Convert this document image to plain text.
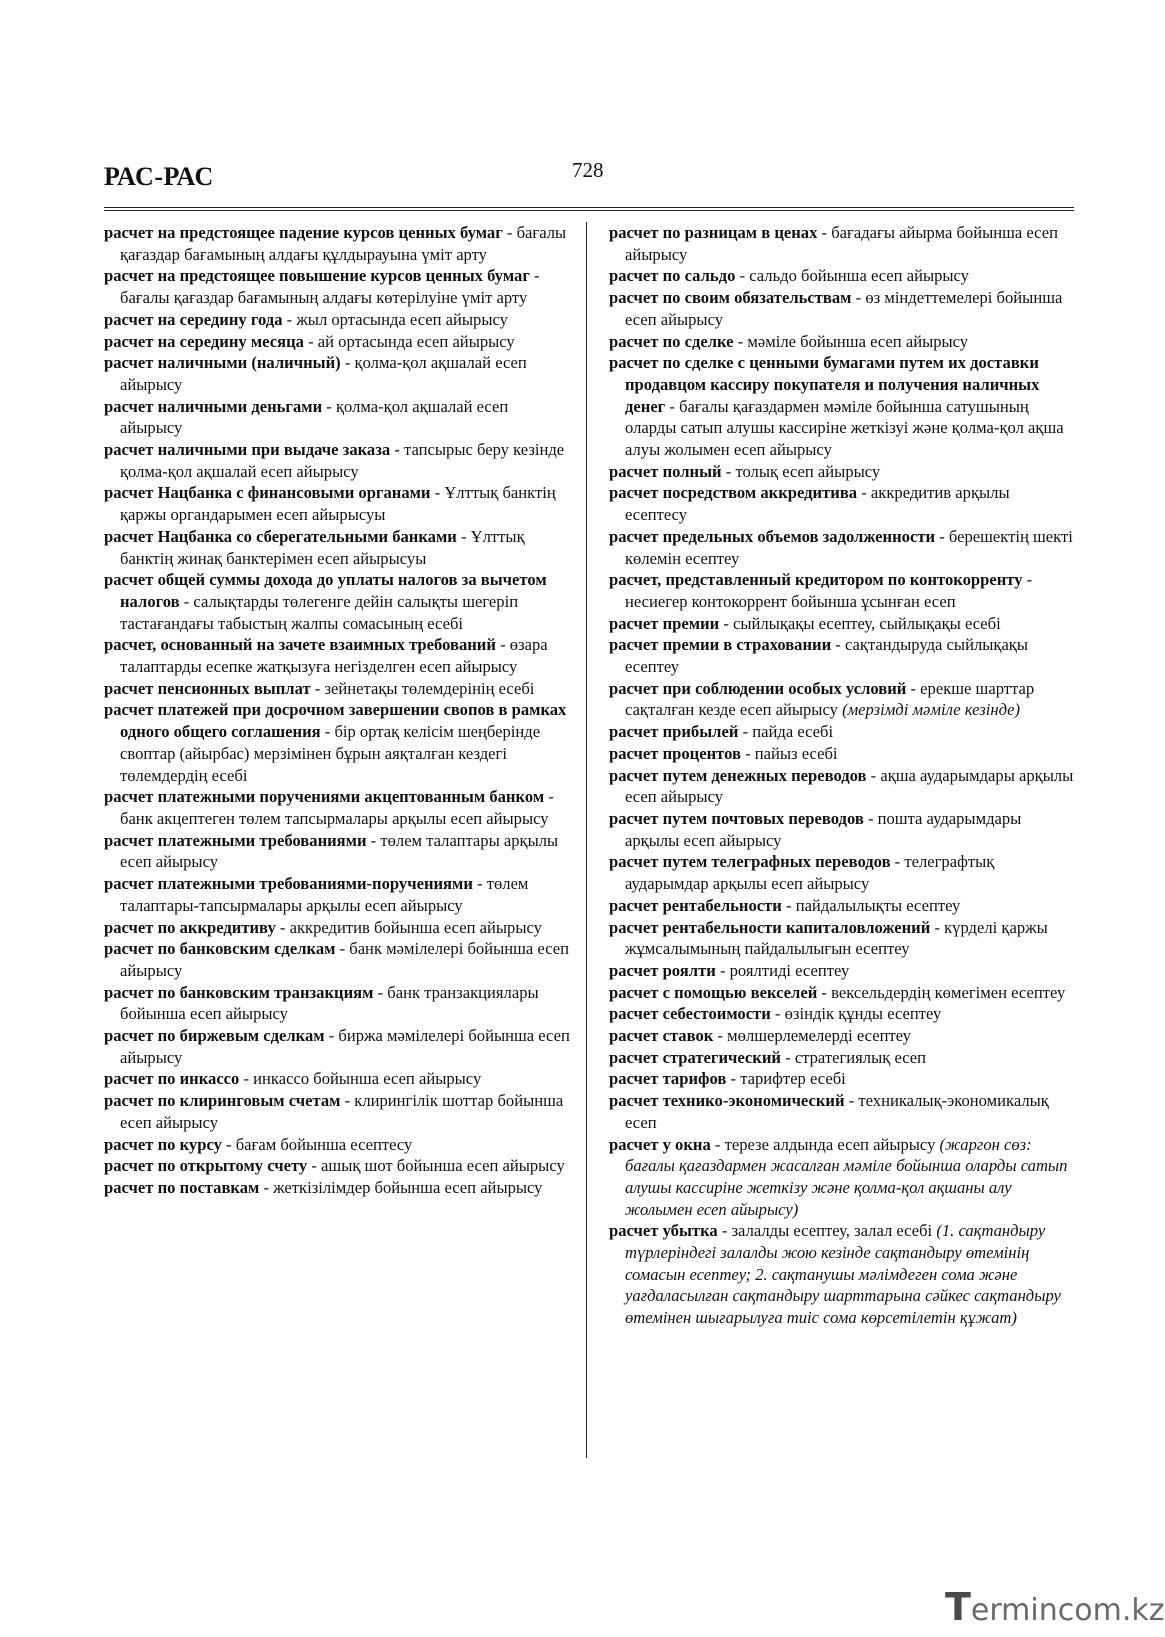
РАС-РАС	728

расчет на предстоящее падение курсов ценных бумаг - бағалы қағаздар бағамының алдағы құлдырауына үміт арту

расчет на предстоящее повышение курсов ценных бумаг - бағалы қағаздар бағамының алдағы көтерілуіне үміт арту

расчет на середину года - жыл ортасында есеп айырысу

расчет на середину месяца - ай ортасында есеп айырысу

расчет наличными (наличный) - қолма-қол ақшалай есеп айырысу

расчет наличными деньгами - қолма-қол ақшалай есеп айырысу

расчет наличными при выдаче заказа - тапсырыс беру кезінде қолма-қол ақшалай есеп айырысу

расчет Нацбанка с финансовыми органами - Ұлттық банктің қаржы органдарымен есеп айырысуы

расчет Нацбанка со сберегательными банками - Ұлттық банктің жинақ банктерімен есеп айырысуы

расчет общей суммы дохода до уплаты налогов за вычетом налогов - салықтарды төлегенге дейін салықты шегеріп тастағандағы табыстың жалпы сомасының есебі

расчет, основанный на зачете взаимных требований - өзара талаптарды есепке жатқызуға негізделген есеп айырысу

расчет пенсионных выплат - зейнетақы төлемдерінің есебі

расчет платежей при досрочном завершении свопов в рамках одного общего соглашения - бір ортақ келісім шеңберінде своптар (айырбас) мерзімінен бұрын аяқталған кездегі төлемдердің есебі

расчет платежными поручениями акцептованным банком - банк акцептеген төлем тапсырмалары арқылы есеп айырысу

расчет платежными требованиями - төлем талаптары арқылы есеп айырысу

расчет платежными требованиями-поручениями - төлем талаптары-тапсырмалары арқылы есеп айырысу

расчет по аккредитиву - аккредитив бойынша есеп айырысу

расчет по банковским сделкам - банк мәмілелері бойынша есеп айырысу

расчет по банковским транзакциям - банк транзакциялары бойынша есеп айырысу

расчет по биржевым сделкам - биржа мәмілелері бойынша есеп айырысу

расчет по инкассо - инкассо бойынша есеп айырысу

расчет по клиринговым счетам - клирингілік шоттар бойынша есеп айырысу

расчет по курсу - бағам бойынша есептесу

расчет по открытому счету - ашық шот бойынша есеп айырысу

расчет по поставкам - жеткізілімдер бойынша есеп айырысу

расчет по разницам в ценах - бағадағы айырма бойынша есеп айырысу

расчет по сальдо - сальдо бойынша есеп айырысу

расчет по своим обязательствам - өз міндеттемелері бойынша есеп айырысу

расчет по сделке - мәміле бойынша есеп айырысу

расчет по сделке с ценными бумагами путем их доставки продавцом кассиру покупателя и получения наличных денег - бағалы қағаздармен мәміле бойынша сатушының оларды сатып алушы кассиріне жеткізуі және қолма-қол ақша алуы жолымен есеп айырысу

расчет полный - толық есеп айырысу

расчет посредством аккредитива - аккредитив арқылы есептесу

расчет предельных объемов задолженности - берешектің шекті көлемін есептеу

расчет, представленный кредитором по контокорренту - несиегер контокоррент бойынша ұсынған есеп

расчет премии - сыйлықақы есептеу, сыйлықақы есебі

расчет премии в страховании - сақтандыруда сыйлықақы есептеу

расчет при соблюдении особых условий - ерекше шарттар сақталған кезде есеп айырысу (мерзімді мәміле кезінде)

расчет прибылей - пайда есебі

расчет процентов - пайыз есебі

расчет путем денежных переводов - ақша аударымдары арқылы есеп айырысу

расчет путем почтовых переводов - пошта аударымдары арқылы есеп айырысу

расчет путем телеграфных переводов - телеграфтық аударымдар арқылы есеп айырысу

расчет рентабельности - пайдалылықты есептеу

расчет рентабельности капиталовложений - күрделі қаржы жұмсалымының пайдалылығын есептеу

расчет роялти - роялтиді есептеу

расчет с помощью векселей - вексельдердің көмегімен есептеу

расчет себестоимости - өзіндік құнды есептеу

расчет ставок - мөлшерлемелерді есептеу

расчет стратегический - стратегиялық есеп

расчет тарифов - тарифтер есебі

расчет технико-экономический - техникалық-экономикалық есеп

расчет у окна - терезе алдында есеп айырысу (жаргон сөз: бағалы қағаздармен жасалған мәміле бойынша оларды сатып алушы кассиріне жеткізу және қолма-қол ақшаны алу жолымен есеп айырысу)

расчет убытка - залалды есептеу, залал есебі (1. сақтандыру түрлеріндегі залалды жою кезінде сақтандыру өтемінің сомасын есептеу; 2. сақтанушы мәлімдеген сома және уағдаласылған сақтандыру шарттарына сәйкес сақтандыру өтемінен шығарылуға тиіс сома көрсетілетін құжат)

Termincom.kz
